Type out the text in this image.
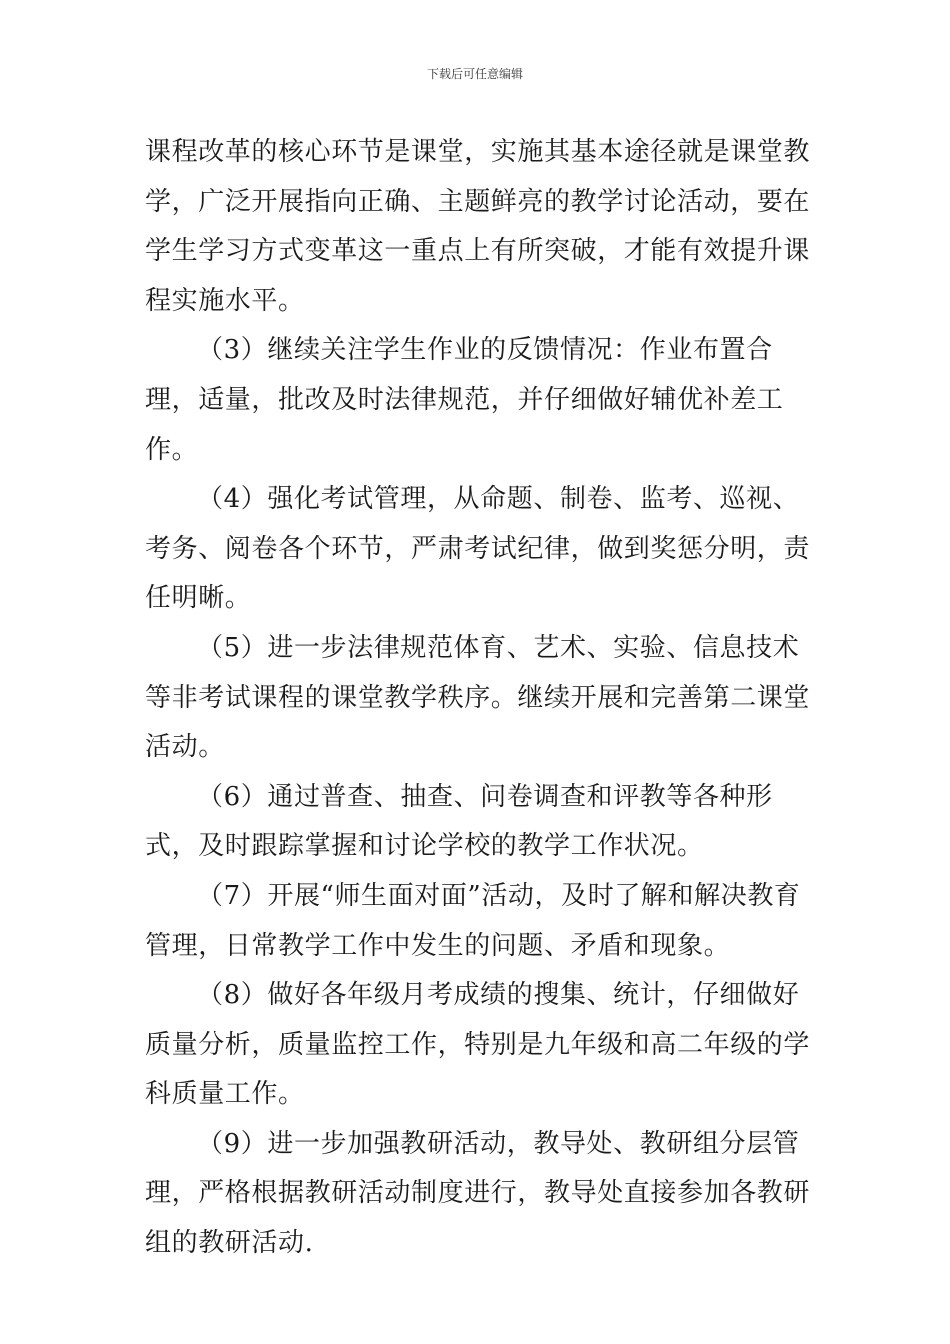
下载后可任意编辑

课程改革的核心环节是课堂，实施其基本途径就是课堂教学，广泛开展指向正确、主题鲜亮的教学讨论活动，要在学生学习方式变革这一重点上有所突破，才能有效提升课程实施水平。

（3）继续关注学生作业的反馈情况：作业布置合理，适量，批改及时法律规范，并仔细做好辅优补差工作。

（4）强化考试管理，从命题、制卷、监考、巡视、考务、阅卷各个环节，严肃考试纪律，做到奖惩分明，责任明晰。

（5）进一步法律规范体育、艺术、实验、信息技术等非考试课程的课堂教学秩序。继续开展和完善第二课堂活动。

（6）通过普查、抽查、问卷调查和评教等各种形式，及时跟踪掌握和讨论学校的教学工作状况。

（7）开展“师生面对面”活动，及时了解和解决教育管理，日常教学工作中发生的问题、矛盾和现象。

（8）做好各年级月考成绩的搜集、统计，仔细做好质量分析，质量监控工作，特别是九年级和高二年级的学科质量工作。

（9）进一步加强教研活动，教导处、教研组分层管理，严格根据教研活动制度进行，教导处直接参加各教研组的教研活动.
